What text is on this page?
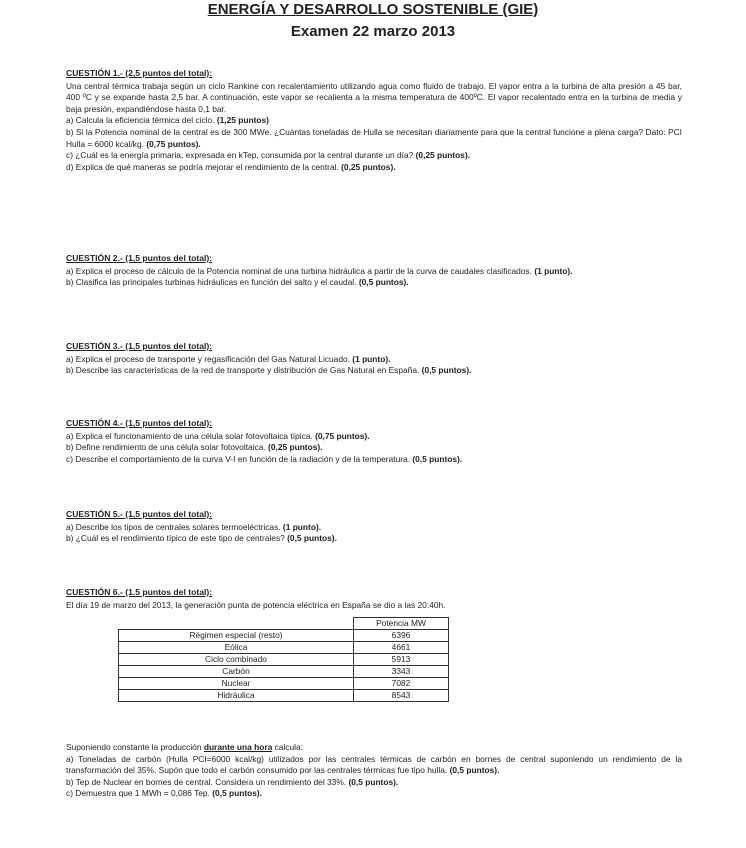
ENERGÍA Y DESARROLLO SOSTENIBLE (GIE)
Examen 22 marzo 2013
CUESTIÓN 1.- (2,5 puntos del total):

Una central térmica trabaja según un ciclo Rankine con recalentamiento utilizando agua como fluido de trabajo. El vapor entra a la turbina de alta presión a 45 bar, 400 ºC y se expande hasta 2,5 bar. A continuación, este vapor se recalienta a la misma temperatura de 400ºC. El vapor recalentado entra en la turbina de media y baja presión, expandiéndose hasta 0,1 bar.

a) Calcula la eficiencia térmica del ciclo. (1,25 puntos)

b) Si la Potencia nominal de la central es de 300 MWe. ¿Cuántas toneladas de Hulla se necesitan diariamente para que la central funcione a plena carga? Dato: PCI Hulla = 6000 kcal/kg. (0,75 puntos).

c) ¿Cuál es la energía primaria, expresada en kTep, consumida por la central durante un día? (0,25 puntos).

d) Explica de qué maneras se podría mejorar el rendimiento de la central. (0,25 puntos).

CUESTIÓN 2.- (1,5 puntos del total):

a) Explica el proceso de cálculo de la Potencia nominal de una turbina hidráulica a partir de la curva de caudales clasificados. (1 punto).

b) Clasifica las principales turbinas hidráulicas en función del salto y el caudal. (0,5 puntos).

CUESTIÓN 3.- (1,5 puntos del total):

a) Explica el proceso de transporte y regasificación del Gas Natural Licuado. (1 punto).

b) Describe las características de la red de transporte y distribución de Gas Natural en España. (0,5 puntos).

CUESTIÓN 4.- (1,5 puntos del total):

a) Explica el funcionamiento de una célula solar fotovoltaica típica. (0,75 puntos).

b) Define rendimiento de una célula solar fotovoltaica. (0,25 puntos).

c) Describe el comportamiento de la curva V-I en función de la radiación y de la temperatura. (0,5 puntos).

CUESTIÓN 5.- (1,5 puntos del total):

a) Describe los tipos de centrales solares termoeléctricas. (1 punto).

b) ¿Cuál es el rendimiento típico de este tipo de centrales? (0,5 puntos).

CUESTIÓN 6.- (1.5 puntos del total):

El día 19 de marzo del 2013, la generación punta de potencia eléctrica en España se dio a las 20:40h.

	Potencia MW
Régimen especial (resto)	6396
Eólica	4661
Ciclo combinado	5913
Carbón	3343
Nuclear	7082
Hidráulica	8543

Suponiendo constante la producción durante una hora calcula:

a) Toneladas de carbón (Hulla PCI=6000 kcal/kg) utilizados por las centrales térmicas de carbón en bornes de central suponiendo un rendimiento de la transformación del 35%. Supón que todo el carbón consumido por las centrales térmicas fue tipo hulla. (0,5 puntos).

b) Tep de Nuclear en bornes de central. Considera un rendimiento del 33%. (0,5 puntos).

c) Demuestra que 1 MWh = 0,086 Tep. (0,5 puntos).
